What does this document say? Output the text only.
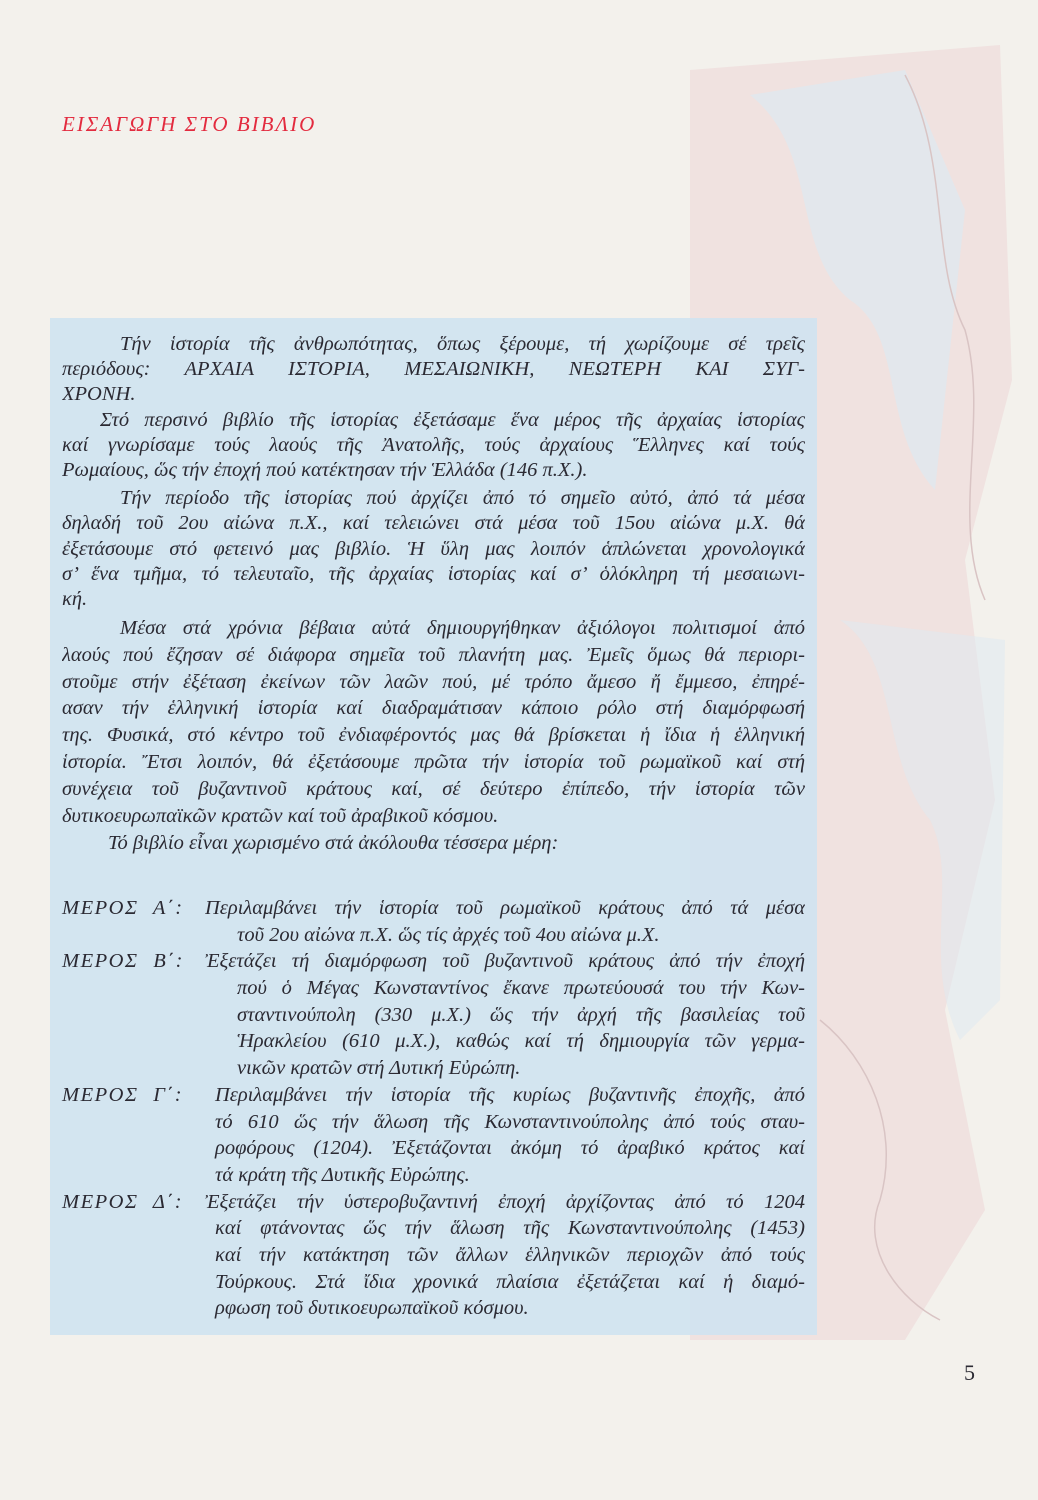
ΕΙΣΑΓΩΓΗ ΣΤΟ ΒΙΒΛΙΟ
Τήν ἱστορία τῆς ἀνθρωπότητας, ὅπως ξέρουμε, τή χωρίζουμε σέ τρεῖς
περιόδους: ΑΡΧΑΙΑ ΙΣΤΟΡΙΑ, ΜΕΣΑΙΩΝΙΚΗ, ΝΕΩΤΕΡΗ ΚΑΙ ΣΥΓ-
ΧΡΟΝΗ.
Στό περσινό βιβλίο τῆς ἱστορίας ἐξετάσαμε ἕνα μέρος τῆς ἀρχαίας ἱστορίας
καί γνωρίσαμε τούς λαούς τῆς Ἀνατολῆς, τούς ἀρχαίους Ἕλληνες καί τούς
Ρωμαίους, ὥς τήν ἐποχή πού κατέκτησαν τήν Ἑλλάδα (146 π.Χ.).
Τήν περίοδο τῆς ἱστορίας πού ἀρχίζει ἀπό τό σημεῖο αὐτό, ἀπό τά μέσα
δηλαδή τοῦ 2ου αἰώνα π.Χ., καί τελειώνει στά μέσα τοῦ 15ου αἰώνα μ.Χ. θά
ἐξετάσουμε στό φετεινό μας βιβλίο. Ἡ ὕλη μας λοιπόν ἁπλώνεται χρονολογικά
σ’ ἕνα τμῆμα, τό τελευταῖο, τῆς ἀρχαίας ἱστορίας καί σ’ ὁλόκληρη τή μεσαιωνι-
κή.
Μέσα στά χρόνια βέβαια αὐτά δημιουργήθηκαν ἀξιόλογοι πολιτισμοί ἀπό
λαούς πού ἔζησαν σέ διάφορα σημεῖα τοῦ πλανήτη μας. Ἐμεῖς ὅμως θά περιορι-
στοῦμε στήν ἐξέταση ἐκείνων τῶν λαῶν πού, μέ τρόπο ἄμεσο ἤ ἔμμεσο, ἐπηρέ-
ασαν τήν ἑλληνική ἱστορία καί διαδραμάτισαν κάποιο ρόλο στή διαμόρφωσή
της. Φυσικά, στό κέντρο τοῦ ἐνδιαφέροντός μας θά βρίσκεται ἡ ἴδια ἡ ἑλληνική
ἱστορία. Ἔτσι λοιπόν, θά ἐξετάσουμε πρῶτα τήν ἱστορία τοῦ ρωμαϊκοῦ καί στή
συνέχεια τοῦ βυζαντινοῦ κράτους καί, σέ δεύτερο ἐπίπεδο, τήν ἱστορία τῶν
δυτικοευρωπαϊκῶν κρατῶν καί τοῦ ἀραβικοῦ κόσμου.
Τό βιβλίο εἶναι χωρισμένο στά ἀκόλουθα τέσσερα μέρη:
ΜΕΡΟΣ Α΄:	Περιλαμβάνει τήν ἱστορία τοῦ ρωμαϊκοῦ κράτους ἀπό τά μέσα
τοῦ 2ου αἰώνα π.Χ. ὥς τίς ἀρχές τοῦ 4ου αἰώνα μ.Χ.
ΜΕΡΟΣ Β΄:	Ἐξετάζει τή διαμόρφωση τοῦ βυζαντινοῦ κράτους ἀπό τήν ἐποχή
πού ὁ Μέγας Κωνσταντίνος ἔκανε πρωτεύουσά του τήν Κων-
σταντινούπολη (330 μ.Χ.) ὥς τήν ἀρχή τῆς βασιλείας τοῦ
Ἡρακλείου (610 μ.Χ.), καθώς καί τή δημιουργία τῶν γερμα-
νικῶν κρατῶν στή Δυτική Εὐρώπη.
ΜΕΡΟΣ Γ΄:	Περιλαμβάνει τήν ἱστορία τῆς κυρίως βυζαντινῆς ἐποχῆς, ἀπό
τό 610 ὥς τήν ἅλωση τῆς Κωνσταντινούπολης ἀπό τούς σταυ-
ροφόρους (1204). Ἐξετάζονται ἀκόμη τό ἀραβικό κράτος καί
τά κράτη τῆς Δυτικῆς Εὐρώπης.
ΜΕΡΟΣ Δ΄:	Ἐξετάζει τήν ὑστεροβυζαντινή ἐποχή ἀρχίζοντας ἀπό τό 1204
καί φτάνοντας ὥς τήν ἅλωση τῆς Κωνσταντινούπολης (1453)
καί τήν κατάκτηση τῶν ἄλλων ἑλληνικῶν περιοχῶν ἀπό τούς
Τούρκους. Στά ἴδια χρονικά πλαίσια ἐξετάζεται καί ἡ διαμό-
ρφωση τοῦ δυτικοευρωπαϊκοῦ κόσμου.
5
